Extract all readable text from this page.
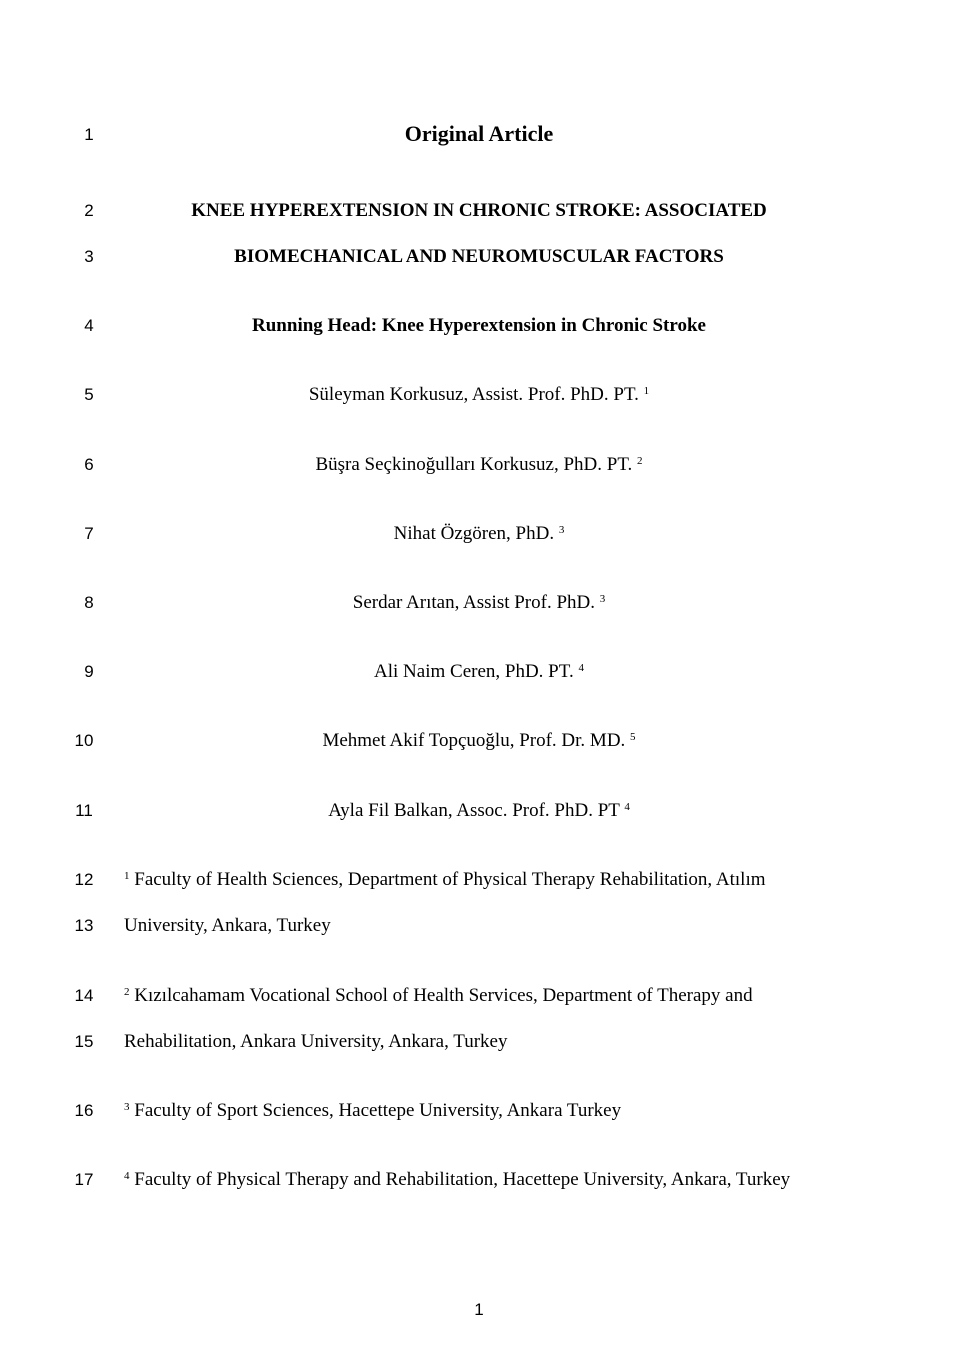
1
2
3
4
5
6
7
8
9
10
11
12
13
14
15
16
17
Original Article
KNEE HYPEREXTENSION IN CHRONIC STROKE: ASSOCIATED
BIOMECHANICAL AND NEUROMUSCULAR FACTORS
Running Head: Knee Hyperextension in Chronic Stroke
Süleyman Korkusuz, Assist. Prof. PhD. PT. $^1$
Büşra Seçkinoğulları Korkusuz, PhD. PT. $^2$
Nihat Özgören, PhD. $^3$
Serdar Arıtan, Assist Prof. PhD. $^3$
Ali Naim Ceren, PhD. PT. $^4$
Mehmet Akif Topçuoğlu, Prof. Dr. MD. $^5$
Ayla Fil Balkan, Assoc. Prof. PhD. PT $^4$
$^1$ Faculty of Health Sciences, Department of Physical Therapy Rehabilitation, Atılım
University, Ankara, Turkey
$^2$ Kızılcahamam Vocational School of Health Services, Department of Therapy and
Rehabilitation, Ankara University, Ankara, Turkey
$^3$ Faculty of Sport Sciences, Hacettepe University, Ankara Turkey
$^4$ Faculty of Physical Therapy and Rehabilitation, Hacettepe University, Ankara, Turkey
1
